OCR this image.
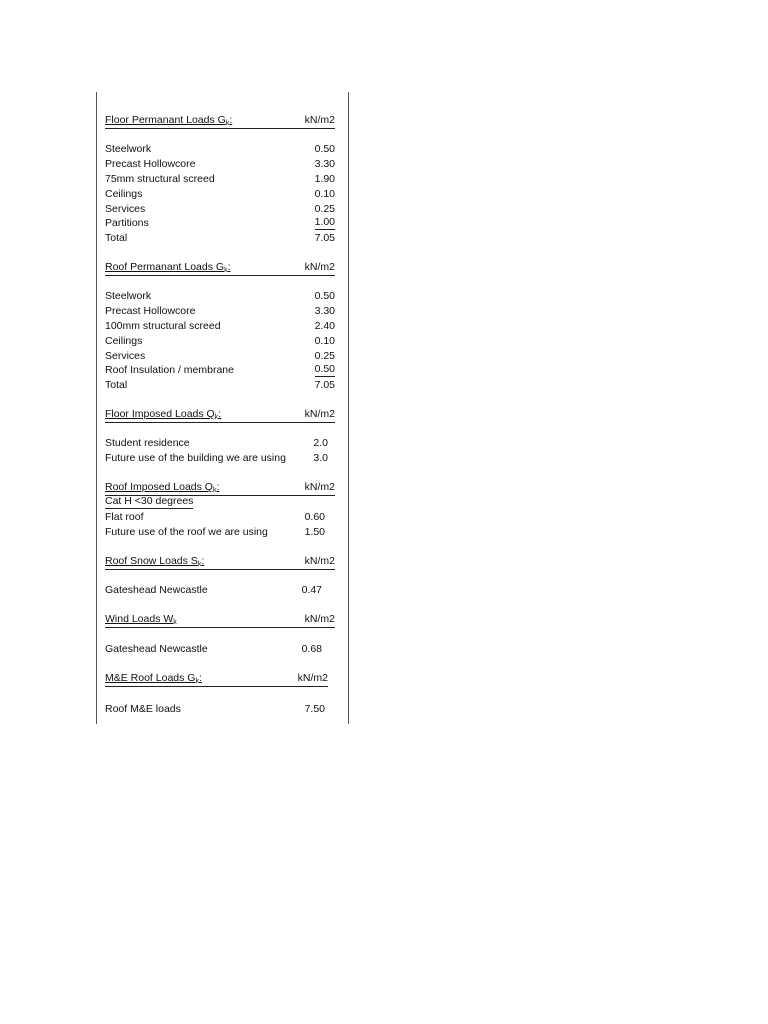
Floor Permanant Loads $G_k$:	kN/m2
Steelwork	0.50
Precast Hollowcore	3.30
75mm structural screed	1.90
Ceilings	0.10
Services	0.25
Partitions	1.00
Total	7.05
Roof Permanant Loads $G_k$:	kN/m2
Steelwork	0.50
Precast Hollowcore	3.30
100mm structural screed	2.40
Ceilings	0.10
Services	0.25
Roof Insulation / membrane	0.50
Total	7.05
Floor Imposed Loads $Q_k$:	kN/m2
Student residence	2.0
Future use of the building we are using	3.0
Roof Imposed Loads $Q_k$:	kN/m2
Cat H <30 degrees
Flat roof	0.60
Future use of the roof we are using	1.50
Roof Snow Loads $S_k$:	kN/m2
Gateshead Newcastle	0.47
Wind Loads $W_k$	kN/m2
Gateshead Newcastle	0.68
M&E Roof Loads $G_k$:	kN/m2
Roof M&E loads	7.50
